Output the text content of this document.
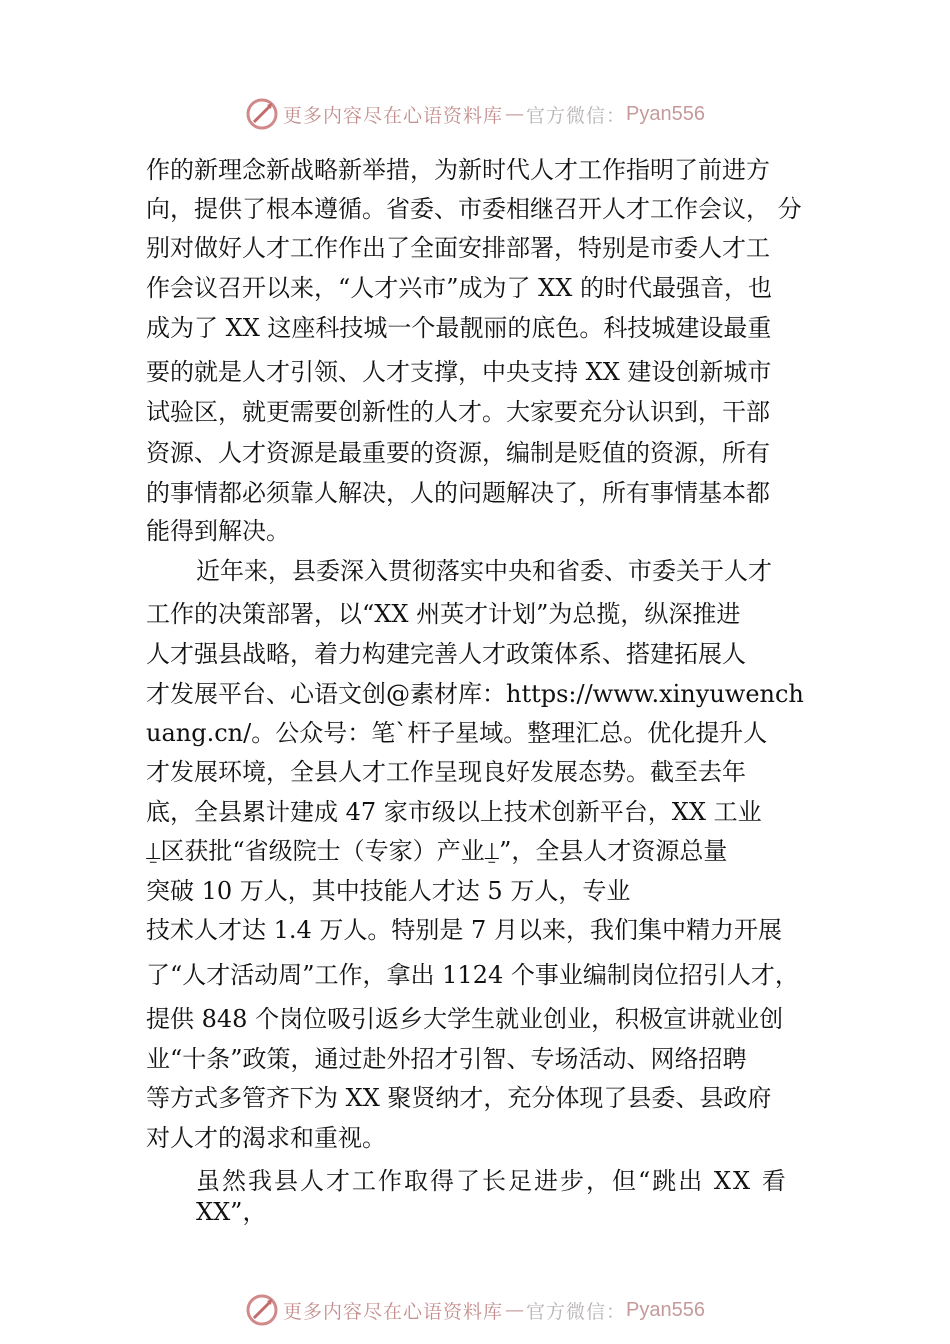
更多内容尽在心语资料库 — 官方微信： Pyan556
作的新理念新战略新举措，为新时代人才工作指明了前进方
向，提供了根本遵循。省委、市委相继召开人才工作会议， 分
别对做好人才工作作出了全面安排部署，特别是市委人才工
作会议召开以来，“人才兴市”成为了 XX 的时代最强音，也
成为了 XX 这座科技城一个最靓丽的底色。科技城建设最重
要的就是人才引领、人才支撑，中央支持 XX 建设创新城市
试验区，就更需要创新性的人才。大家要充分认识到，干部
资源、人才资源是最重要的资源，编制是贬值的资源，所有
的事情都必须靠人解决，人的问题解决了，所有事情基本都
能得到解决。
近年来，县委深入贯彻落实中央和省委、市委关于人才
工作的决策部署，以“XX 州英才计划”为总揽，纵深推进
人才强县战略，着力构建完善人才政策体系、搭建拓展人
才发展平台、心语文创@素材库：https://www.xinyuwench
uang.cn/。公众号：笔`杆子星域。整理汇总。优化提升人
才发展环境，全县人才工作呈现良好发展态势。截至去年
底，全县累计建成 47 家市级以上技术创新平台，XX 工业
⍊区获批“省级院士（专家）产业⍊”，全县人才资源总量
突破 10 万人，其中技能人才达 5 万人，专业
技术人才达 1.4 万人。特别是 7 月以来，我们集中精力开展
了“人才活动周”工作，拿出 1124 个事业编制岗位招引人才，
提供 848 个岗位吸引返乡大学生就业创业，积极宣讲就业创
业“十条”政策，通过赴外招才引智、专场活动、网络招聘
等方式多管齐下为 XX 聚贤纳才，充分体现了县委、县政府
对人才的渴求和重视。
虽然我县人才工作取得了长足进步，但“跳出 XX 看
XX”，
更多内容尽在心语资料库 — 官方微信： Pyan556
